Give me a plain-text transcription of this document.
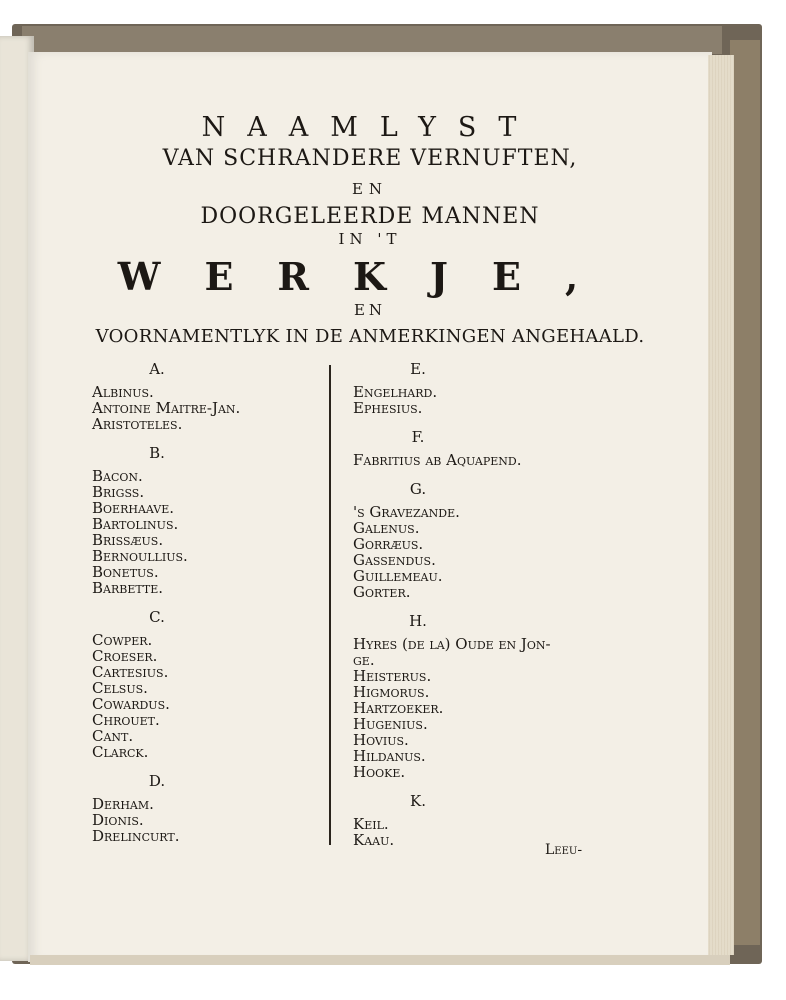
NAAMLYST
VAN SCHRANDERE VERNUFTEN,
EN
DOORGELEERDE MANNEN
IN 'T
WERKJE,
EN
VOORNAMENTLYK IN DE ANMERKINGEN ANGEHAALD.
A.
Albinus.
Antoine Maitre-Jan.
Aristoteles.
B.
Bacon.
Brigss.
Boerhaave.
Bartolinus.
Brissæus.
Bernoullius.
Bonetus.
Barbette.
C.
Cowper.
Croeser.
Cartesius.
Celsus.
Cowardus.
Chrouet.
Cant.
Clarck.
D.
Derham.
Dionis.
Drelincurt.
E.
Engelhard.
Ephesius.
F.
Fabritius ab Aquapend.
G.
's Gravezande.
Galenus.
Gorræus.
Gassendus.
Guillemeau.
Gorter.
H.
Hyres (de la) Oude en Jon-
ge.
Heisterus.
Higmorus.
Hartzoeker.
Hugenius.
Hovius.
Hildanus.
Hooke.
K.
Keil.
Kaau.
Leeu-
